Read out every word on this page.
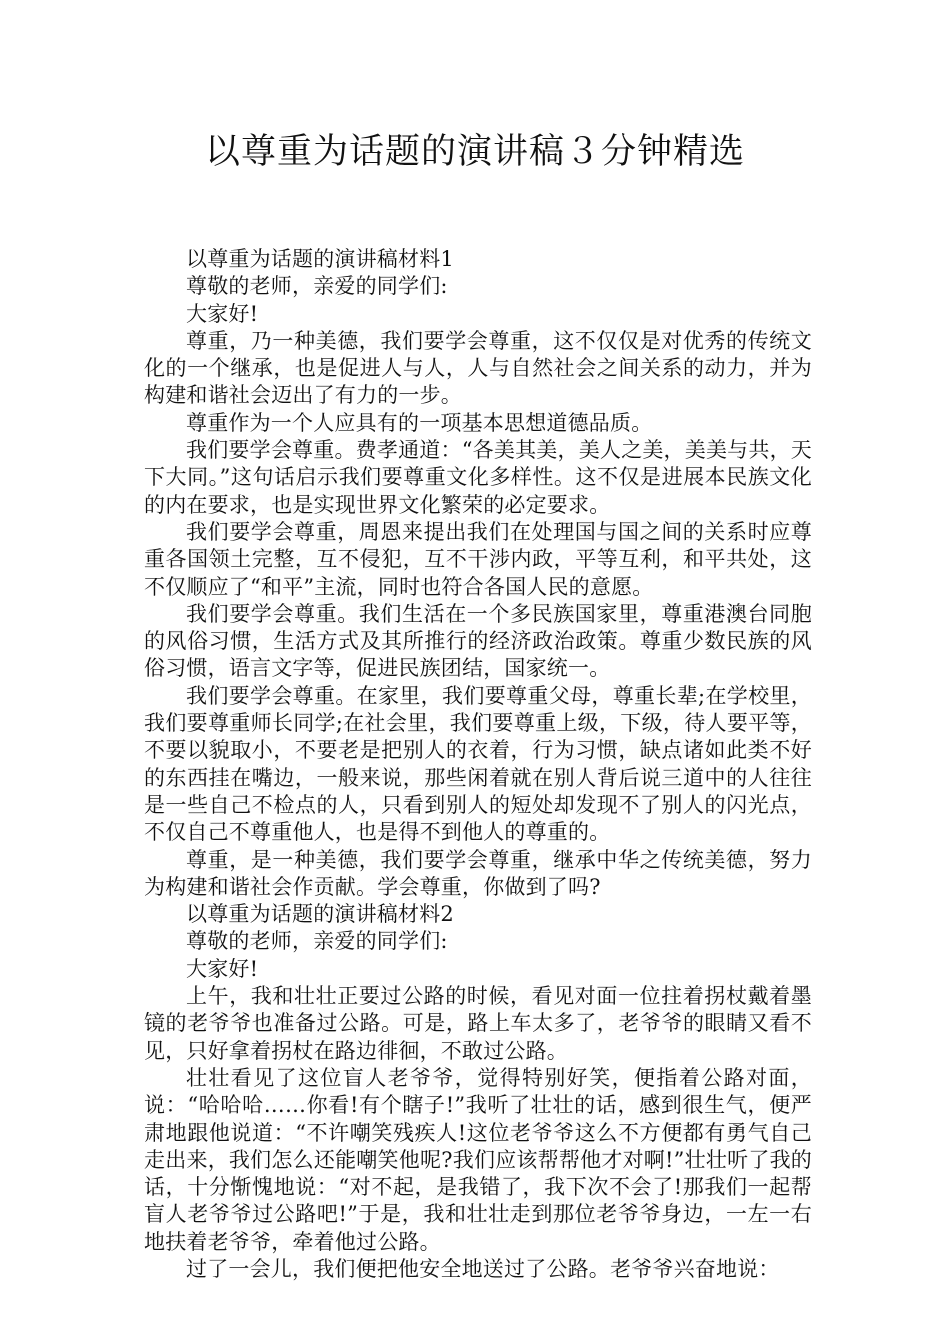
以尊重为话题的演讲稿３分钟精选

以尊重为话题的演讲稿材料1

尊敬的老师，亲爱的同学们:

大家好!

尊重，乃一种美德，我们要学会尊重，这不仅仅是对优秀的传统文化的一个继承，也是促进人与人，人与自然社会之间关系的动力，并为构建和谐社会迈出了有力的一步。

尊重作为一个人应具有的一项基本思想道德品质。

我们要学会尊重。费孝通道：“各美其美，美人之美，美美与共，天下大同。”这句话启示我们要尊重文化多样性。这不仅是进展本民族文化的内在要求，也是实现世界文化繁荣的必定要求。

我们要学会尊重，周恩来提出我们在处理国与国之间的关系时应尊重各国领土完整，互不侵犯，互不干涉内政，平等互利，和平共处，这不仅顺应了“和平”主流，同时也符合各国人民的意愿。

我们要学会尊重。我们生活在一个多民族国家里，尊重港澳台同胞的风俗习惯，生活方式及其所推行的经济政治政策。尊重少数民族的风俗习惯，语言文字等，促进民族团结，国家统一。

我们要学会尊重。在家里，我们要尊重父母，尊重长辈;在学校里，我们要尊重师长同学;在社会里，我们要尊重上级，下级，待人要平等，不要以貌取小，不要老是把别人的衣着，行为习惯，缺点诸如此类不好的东西挂在嘴边，一般来说，那些闲着就在别人背后说三道中的人往往是一些自己不检点的人，只看到别人的短处却发现不了别人的闪光点，不仅自己不尊重他人，也是得不到他人的尊重的。

尊重，是一种美德，我们要学会尊重，继承中华之传统美德，努力为构建和谐社会作贡献。学会尊重，你做到了吗?

以尊重为话题的演讲稿材料2

尊敬的老师，亲爱的同学们:

大家好!

上午，我和壮壮正要过公路的时候，看见对面一位拄着拐杖戴着墨镜的老爷爷也准备过公路。可是，路上车太多了，老爷爷的眼睛又看不见，只好拿着拐杖在路边徘徊，不敢过公路。

壮壮看见了这位盲人老爷爷，觉得特别好笑，便指着公路对面，说：“哈哈哈……你看!有个瞎子!”我听了壮壮的话，感到很生气，便严肃地跟他说道：“不许嘲笑残疾人!这位老爷爷这么不方便都有勇气自己走出来，我们怎么还能嘲笑他呢?我们应该帮帮他才对啊!”壮壮听了我的话，十分惭愧地说：“对不起，是我错了，我下次不会了!那我们一起帮盲人老爷爷过公路吧!”于是，我和壮壮走到那位老爷爷身边，一左一右地扶着老爷爷，牵着他过公路。

过了一会儿，我们便把他安全地送过了公路。老爷爷兴奋地说：
